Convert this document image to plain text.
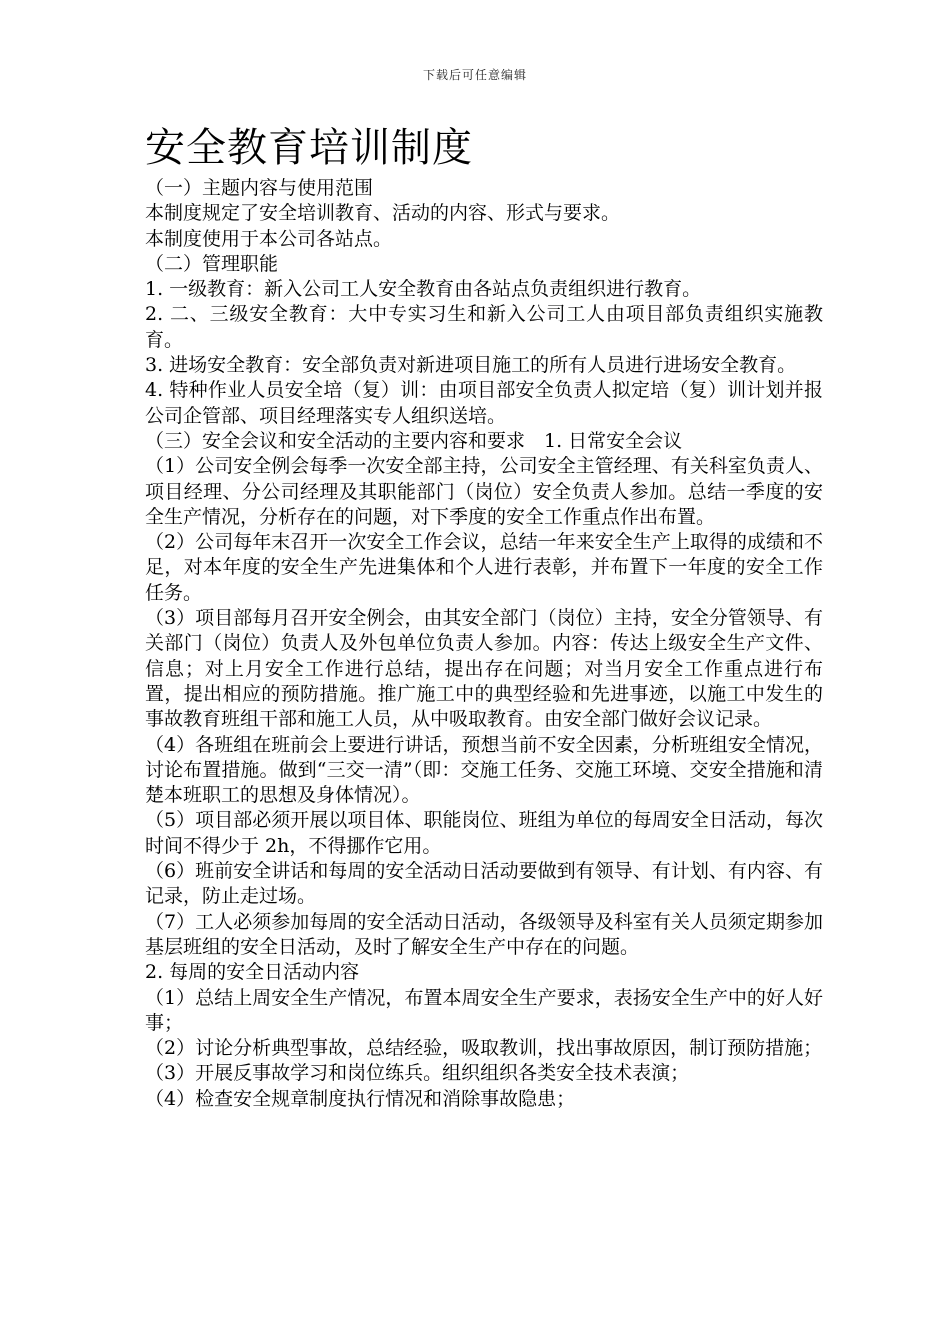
下载后可任意编辑
安全教育培训制度

（一）主题内容与使用范围

本制度规定了安全培训教育、活动的内容、形式与要求。

本制度使用于本公司各站点。

（二）管理职能

1. 一级教育：新入公司工人安全教育由各站点负责组织进行教育。

2. 二、三级安全教育：大中专实习生和新入公司工人由项目部负责组织实施教育。

3. 进场安全教育：安全部负责对新进项目施工的所有人员进行进场安全教育。

4. 特种作业人员安全培（复）训：由项目部安全负责人拟定培（复）训计划并报公司企管部、项目经理落实专人组织送培。

（三）安全会议和安全活动的主要内容和要求　1. 日常安全会议

（1）公司安全例会每季一次安全部主持，公司安全主管经理、有关科室负责人、项目经理、分公司经理及其职能部门（岗位）安全负责人参加。总结一季度的安全生产情况，分析存在的问题，对下季度的安全工作重点作出布置。

（2）公司每年末召开一次安全工作会议，总结一年来安全生产上取得的成绩和不足，对本年度的安全生产先进集体和个人进行表彰，并布置下一年度的安全工作任务。

（3）项目部每月召开安全例会，由其安全部门（岗位）主持，安全分管领导、有关部门（岗位）负责人及外包单位负责人参加。内容：传达上级安全生产文件、信息；对上月安全工作进行总结，提出存在问题；对当月安全工作重点进行布置，提出相应的预防措施。推广施工中的典型经验和先进事迹，以施工中发生的事故教育班组干部和施工人员，从中吸取教育。由安全部门做好会议记录。

（4）各班组在班前会上要进行讲话，预想当前不安全因素，分析班组安全情况，讨论布置措施。做到“三交一清”（即：交施工任务、交施工环境、交安全措施和清楚本班职工的思想及身体情况）。

（5）项目部必须开展以项目体、职能岗位、班组为单位的每周安全日活动，每次时间不得少于 2h，不得挪作它用。

（6）班前安全讲话和每周的安全活动日活动要做到有领导、有计划、有内容、有记录，防止走过场。

（7）工人必须参加每周的安全活动日活动，各级领导及科室有关人员须定期参加基层班组的安全日活动，及时了解安全生产中存在的问题。

2. 每周的安全日活动内容

（1）总结上周安全生产情况，布置本周安全生产要求，表扬安全生产中的好人好事；

（2）讨论分析典型事故，总结经验，吸取教训，找出事故原因，制订预防措施；

（3）开展反事故学习和岗位练兵。组织组织各类安全技术表演；

（4）检查安全规章制度执行情况和消除事故隐患；
